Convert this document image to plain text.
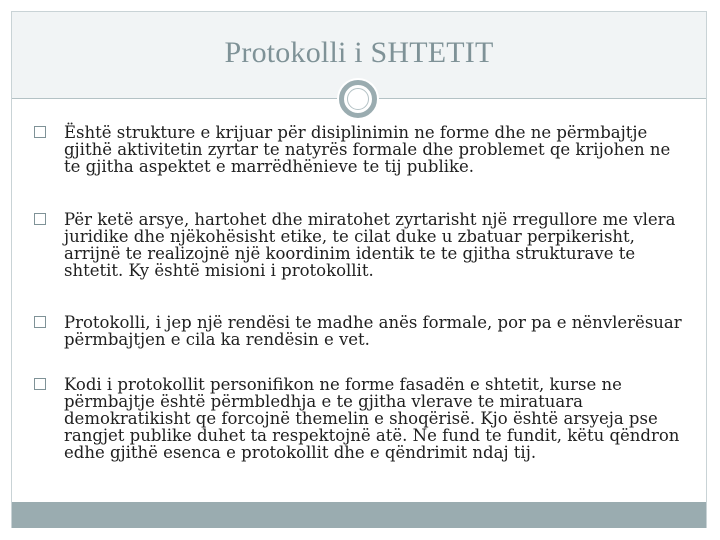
Protokolli i SHTETIT
Është strukture e krijuar për disiplinimin ne forme dhe ne përmbajtje gjithë aktivitetin zyrtar te natyrës formale dhe problemet qe krijohen ne te gjitha aspektet e marrëdhënieve te tij publike.
Për ketë arsye, hartohet dhe miratohet zyrtarisht një rregullore me vlera juridike dhe njëkohësisht etike, te cilat duke u zbatuar perpikerisht, arrijnë te realizojnë një koordinim identik te te gjitha strukturave te shtetit. Ky është misioni i protokollit.
Protokolli, i jep një rendësi te madhe anës formale, por pa e nënvlerësuar përmbajtjen e cila ka rendësin e vet.
Kodi i protokollit personifikon ne forme fasadën e shtetit, kurse ne përmbajtje është përmbledhja e te gjitha vlerave te miratuara demokratikisht qe forcojnë themelin e shoqërisë. Kjo është arsyeja pse rangjet publike duhet ta respektojnë atë. Ne fund te fundit, këtu qëndron edhe gjithë esenca e protokollit dhe e qëndrimit ndaj tij.
